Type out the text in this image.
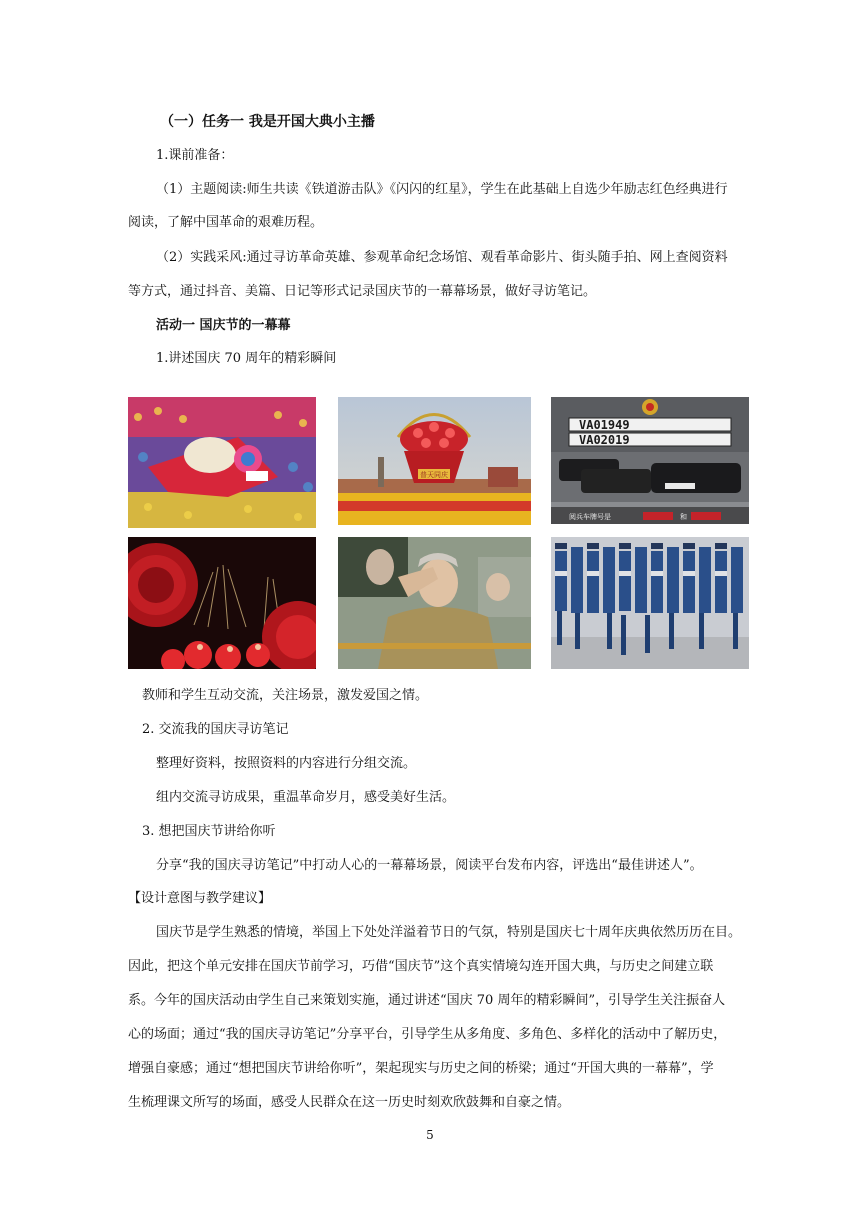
（一）任务一 我是开国大典小主播
1.课前准备：
（1）主题阅读:师生共读《铁道游击队》《闪闪的红星》，学生在此基础上自选少年励志红色经典进行
阅读，了解中国革命的艰难历程。
（2）实践采风:通过寻访革命英雄、参观革命纪念场馆、观看革命影片、街头随手拍、网上查阅资料
等方式，通过抖音、美篇、日记等形式记录国庆节的一幕幕场景，做好寻访笔记。
活动一 国庆节的一幕幕
1.讲述国庆 70 周年的精彩瞬间
普天同庆
VA01949
VA02019
阅兵车牌号是	和
教师和学生互动交流，关注场景，激发爱国之情。
2. 交流我的国庆寻访笔记
整理好资料，按照资料的内容进行分组交流。
组内交流寻访成果，重温革命岁月，感受美好生活。
3. 想把国庆节讲给你听
分享“我的国庆寻访笔记”中打动人心的一幕幕场景，阅读平台发布内容，评选出“最佳讲述人”。
【设计意图与教学建议】
国庆节是学生熟悉的情境，举国上下处处洋溢着节日的气氛，特别是国庆七十周年庆典依然历历在目。
因此，把这个单元安排在国庆节前学习，巧借“国庆节”这个真实情境勾连开国大典，与历史之间建立联
系。今年的国庆活动由学生自己来策划实施，通过讲述“国庆 70 周年的精彩瞬间”，引导学生关注振奋人
心的场面；通过“我的国庆寻访笔记”分享平台，引导学生从多角度、多角色、多样化的活动中了解历史，
增强自豪感；通过“想把国庆节讲给你听”，架起现实与历史之间的桥梁；通过“开国大典的一幕幕”，学
生梳理课文所写的场面，感受人民群众在这一历史时刻欢欣鼓舞和自豪之情。
5
